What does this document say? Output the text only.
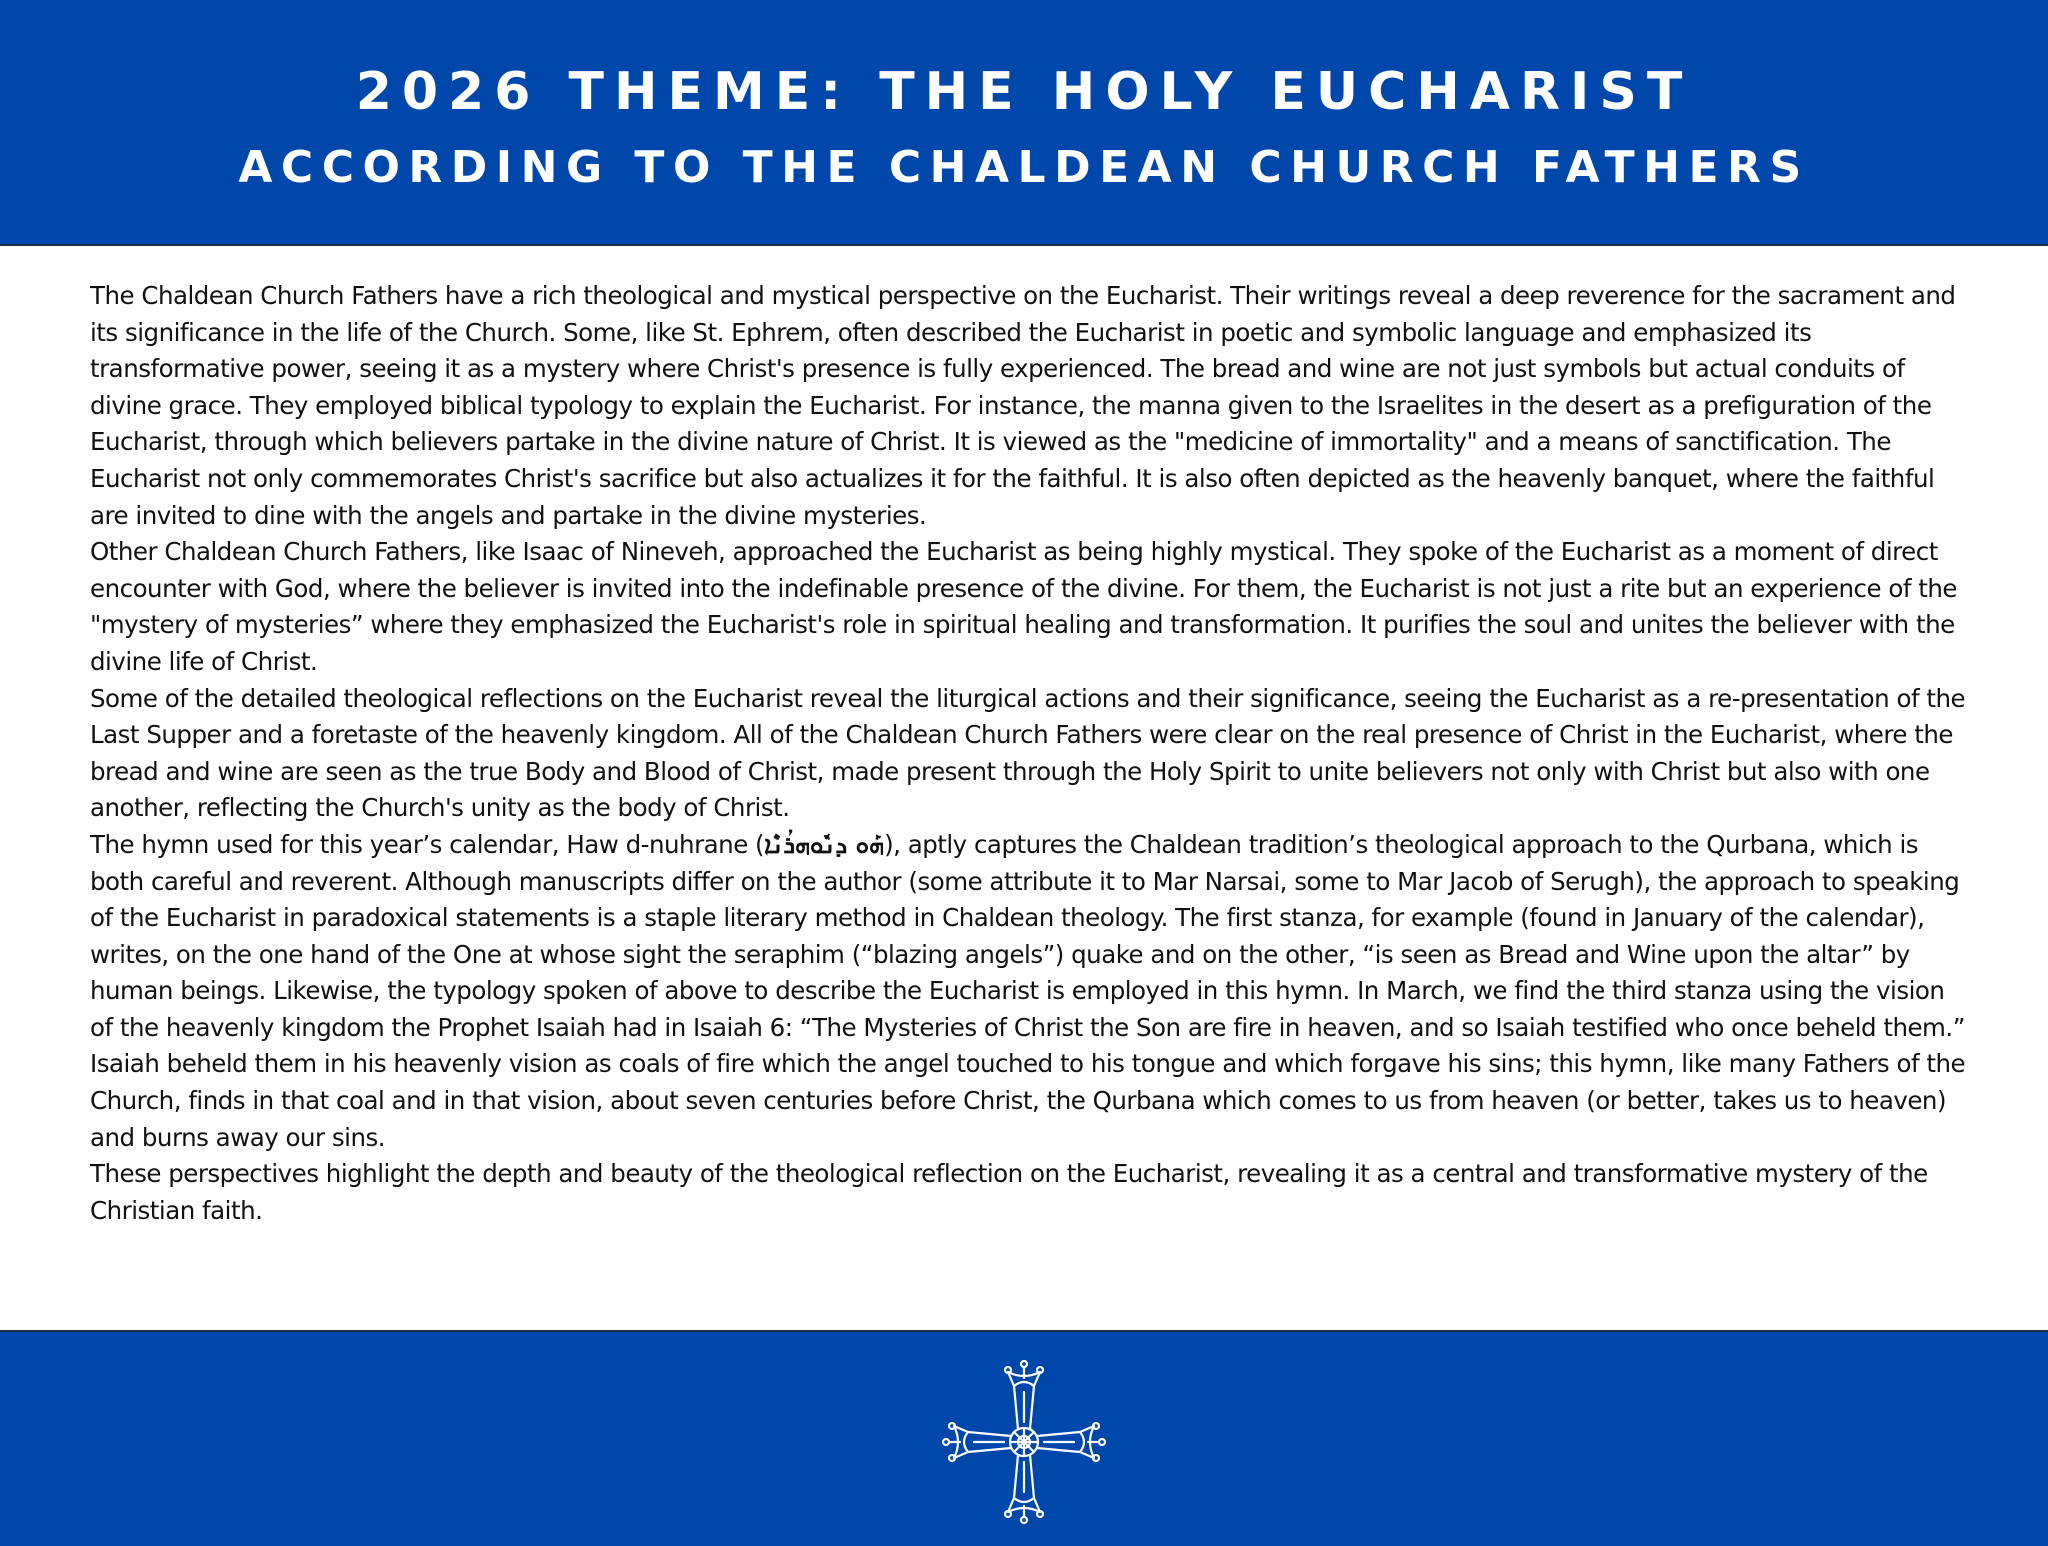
2026 THEME: THE HOLY EUCHARIST
ACCORDING TO THE CHALDEAN CHURCH FATHERS

The Chaldean Church Fathers have a rich theological and mystical perspective on the Eucharist. Their writings reveal a deep reverence for the sacrament and its significance in the life of the Church. Some, like St. Ephrem, often described the Eucharist in poetic and symbolic language and emphasized its transformative power, seeing it as a mystery where Christ's presence is fully experienced. The bread and wine are not just symbols but actual conduits of divine grace. They employed biblical typology to explain the Eucharist. For instance, the manna given to the Israelites in the desert as a prefiguration of the Eucharist, through which believers partake in the divine nature of Christ. It is viewed as the "medicine of immortality" and a means of sanctification. The Eucharist not only commemorates Christ's sacrifice but also actualizes it for the faithful. It is also often depicted as the heavenly banquet, where the faithful are invited to dine with the angels and partake in the divine mysteries.

Other Chaldean Church Fathers, like Isaac of Nineveh, approached the Eucharist as being highly mystical. They spoke of the Eucharist as a moment of direct encounter with God, where the believer is invited into the indefinable presence of the divine. For them, the Eucharist is not just a rite but an experience of the "mystery of mysteries” where they emphasized the Eucharist's role in spiritual healing and transformation. It purifies the soul and unites the believer with the divine life of Christ.

Some of the detailed theological reflections on the Eucharist reveal the liturgical actions and their significance, seeing the Eucharist as a re-presentation of the Last Supper and a foretaste of the heavenly kingdom. All of the Chaldean Church Fathers were clear on the real presence of Christ in the Eucharist, where the bread and wine are seen as the true Body and Blood of Christ, made present through the Holy Spirit to unite believers not only with Christ but also with one another, reflecting the Church's unity as the body of Christ.

The hymn used for this year’s calendar, Haw d-nuhrane (ܗܰܘ ܕܢܽܘܗܪܳܢܶܐ), aptly captures the Chaldean tradition’s theological approach to the Qurbana, which is both careful and reverent. Although manuscripts differ on the author (some attribute it to Mar Narsai, some to Mar Jacob of Serugh), the approach to speaking of the Eucharist in paradoxical statements is a staple literary method in Chaldean theology. The first stanza, for example (found in January of the calendar), writes, on the one hand of the One at whose sight the seraphim (“blazing angels”) quake and on the other, “is seen as Bread and Wine upon the altar” by human beings. Likewise, the typology spoken of above to describe the Eucharist is employed in this hymn. In March, we find the third stanza using the vision of the heavenly kingdom the Prophet Isaiah had in Isaiah 6: “The Mysteries of Christ the Son are fire in heaven, and so Isaiah testified who once beheld them.” Isaiah beheld them in his heavenly vision as coals of fire which the angel touched to his tongue and which forgave his sins; this hymn, like many Fathers of the Church, finds in that coal and in that vision, about seven centuries before Christ, the Qurbana which comes to us from heaven (or better, takes us to heaven) and burns away our sins.

These perspectives highlight the depth and beauty of the theological reflection on the Eucharist, revealing it as a central and transformative mystery of the Christian faith.
